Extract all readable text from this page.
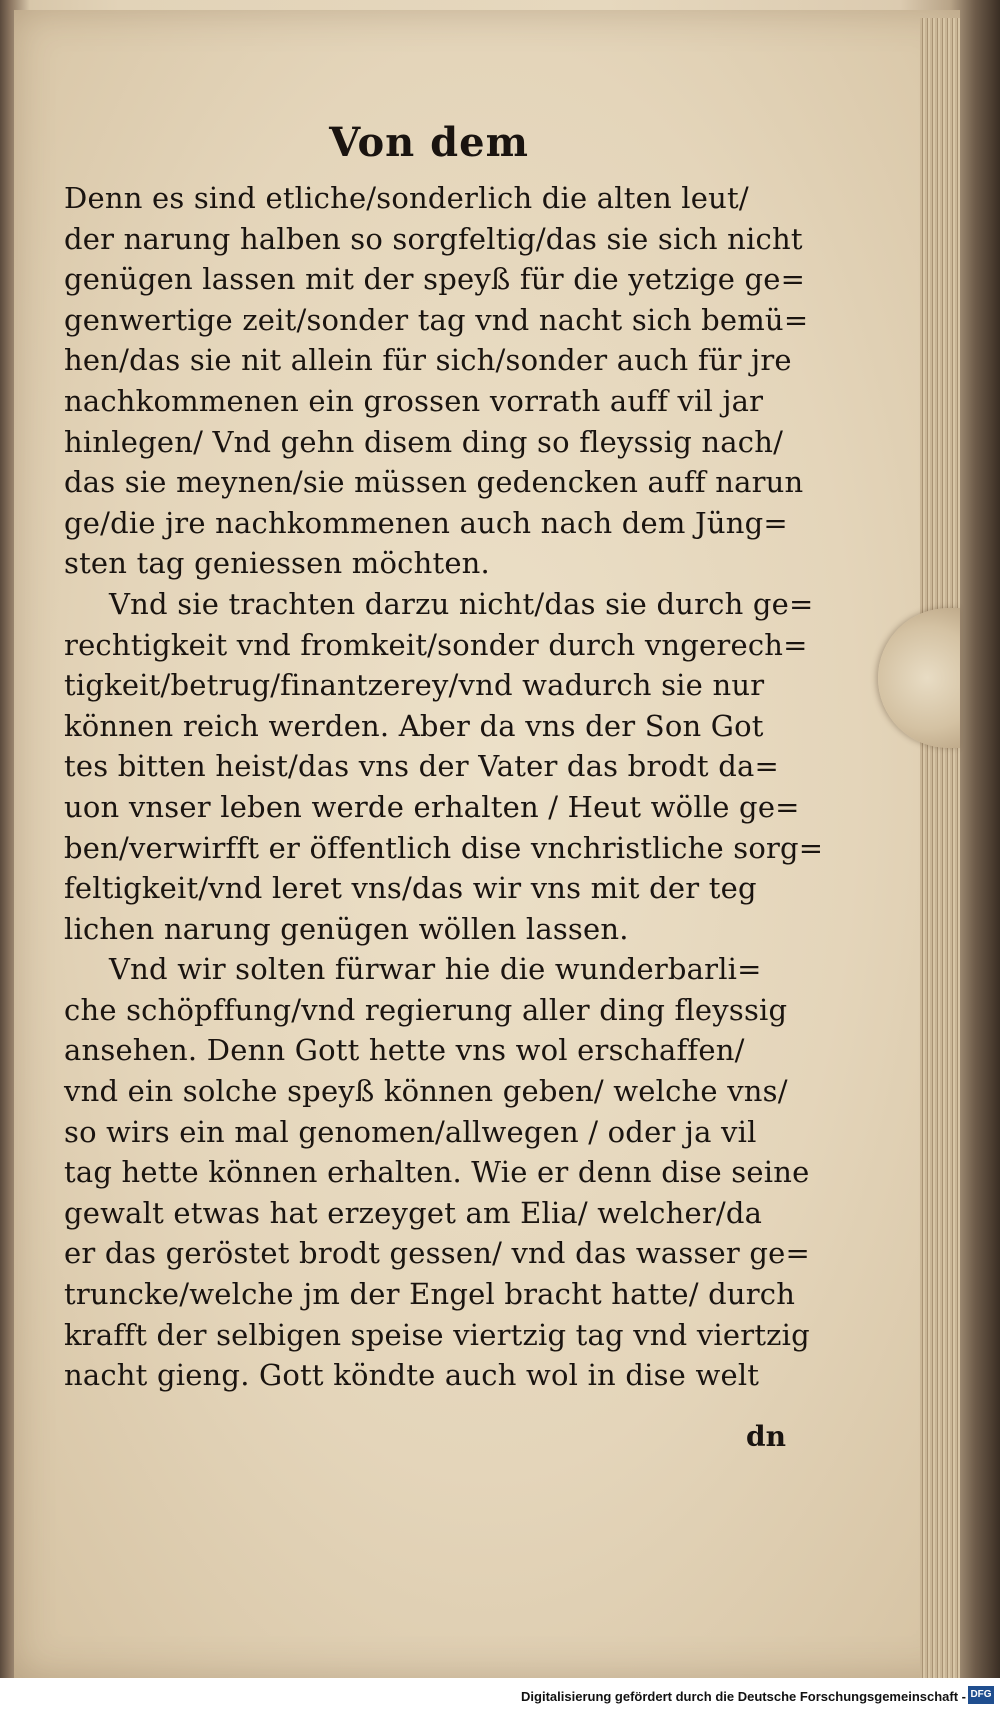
Von dem
Denn es sind etliche/sonderlich die alten leut/
der narung halben so sorgfeltig/das sie sich nicht
genügen lassen mit der speyß für die yetzige ge=
genwertige zeit/sonder tag vnd nacht sich bemü=
hen/das sie nit allein für sich/sonder auch für jre
nachkommenen ein grossen vorrath auff vil jar
hinlegen/ Vnd gehn disem ding so fleyssig nach/
das sie meynen/sie müssen gedencken auff narun
ge/die jre nachkommenen auch nach dem Jüng=
sten tag geniessen möchten.
Vnd sie trachten darzu nicht/das sie durch ge=
rechtigkeit vnd fromkeit/sonder durch vngerech=
tigkeit/betrug/finantzerey/vnd wadurch sie nur
können reich werden. Aber da vns der Son Got
tes bitten heist/das vns der Vater das brodt da=
uon vnser leben werde erhalten / Heut wölle ge=
ben/verwirfft er öffentlich dise vnchristliche sorg=
feltigkeit/vnd leret vns/das wir vns mit der teg
lichen narung genügen wöllen lassen.
Vnd wir solten fürwar hie die wunderbarli=
che schöpffung/vnd regierung aller ding fleyssig
ansehen. Denn Gott hette vns wol erschaffen/
vnd ein solche speyß können geben/ welche vns/
so wirs ein mal genomen/allwegen / oder ja vil
tag hette können erhalten. Wie er denn dise seine
gewalt etwas hat erzeyget am Elia/ welcher/da
er das geröstet brodt gessen/ vnd das wasser ge=
truncke/welche jm der Engel bracht hatte/ durch
krafft der selbigen speise viertzig tag vnd viertzig
nacht gieng. Gott köndte auch wol in dise welt
dn
Digitalisierung gefördert durch die Deutsche Forschungsgemeinschaft - DFG
